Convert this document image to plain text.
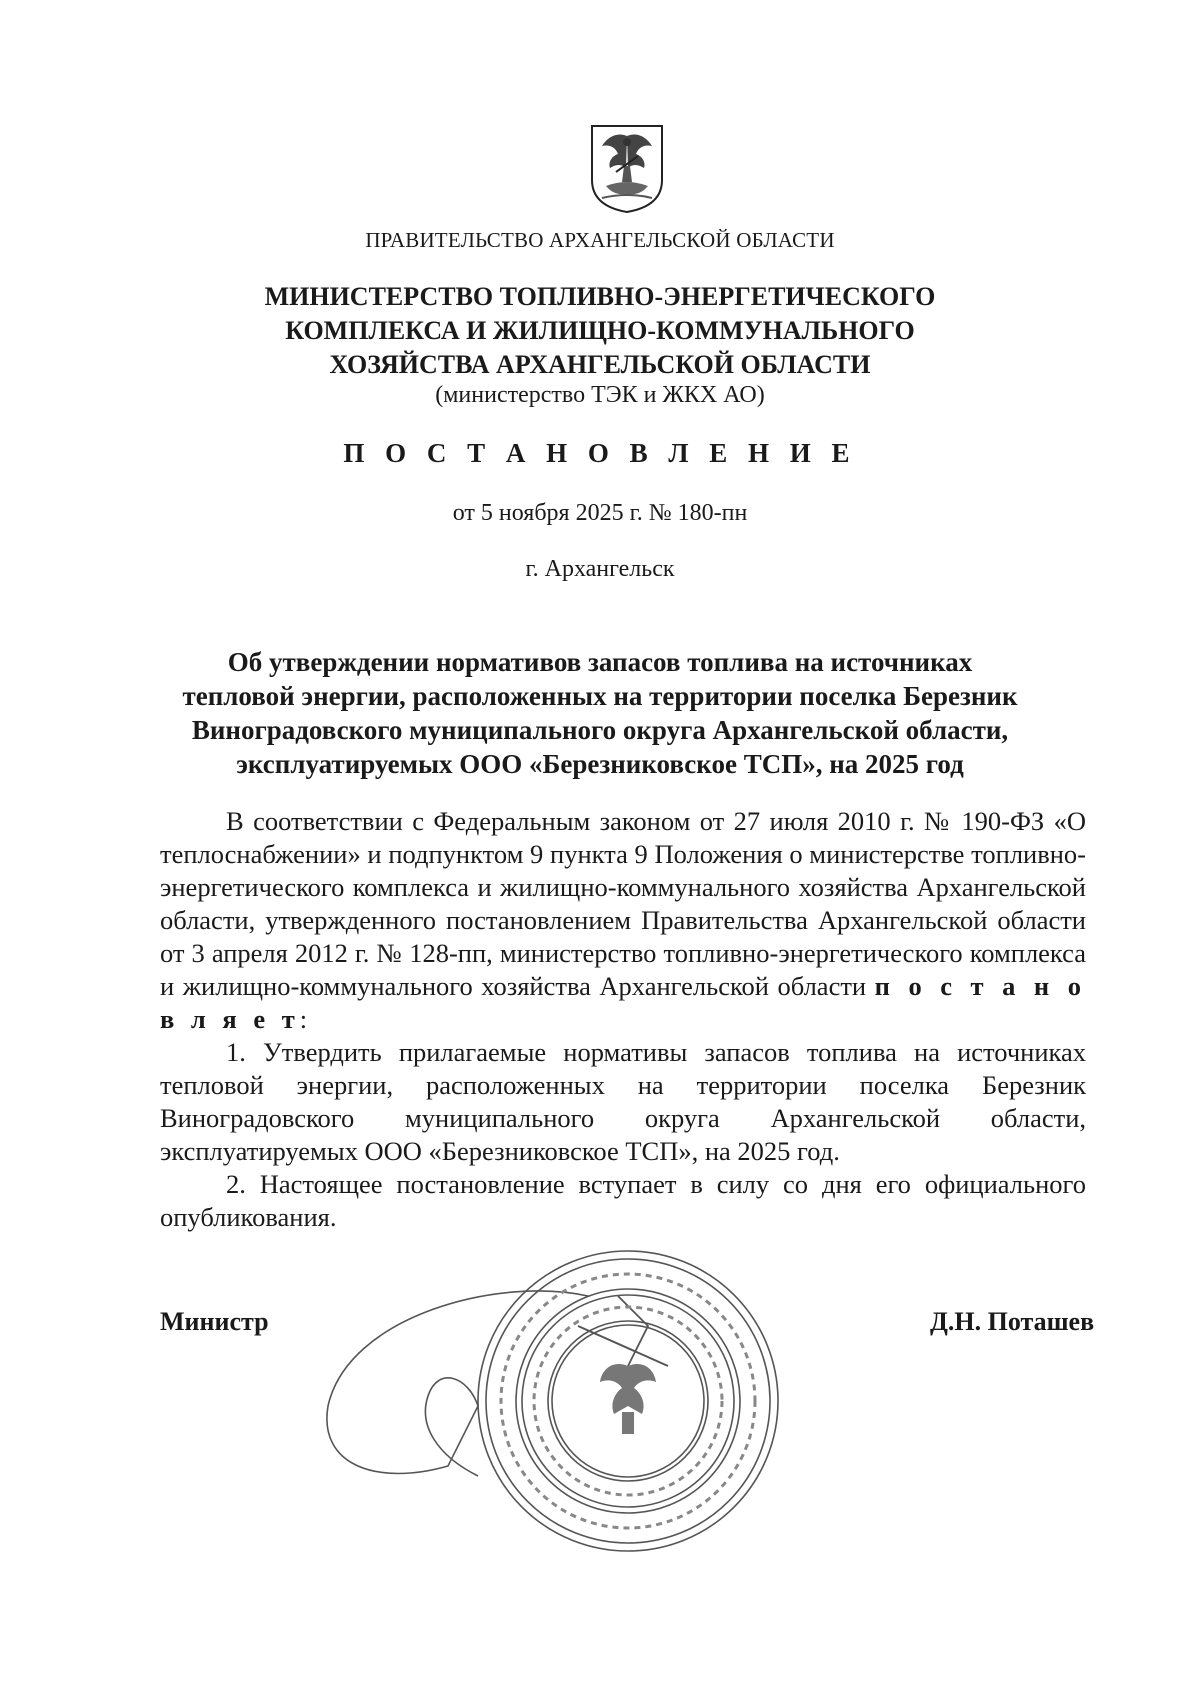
ПРАВИТЕЛЬСТВО АРХАНГЕЛЬСКОЙ ОБЛАСТИ
МИНИСТЕРСТВО ТОПЛИВНО-ЭНЕРГЕТИЧЕСКОГО
КОМПЛЕКСА И ЖИЛИЩНО-КОММУНАЛЬНОГО
ХОЗЯЙСТВА АРХАНГЕЛЬСКОЙ ОБЛАСТИ
(министерство ТЭК и ЖКХ АО)
П О С Т А Н О В Л Е Н И Е
от 5 ноября 2025 г. № 180-пн
г. Архангельск
Об утверждении нормативов запасов топлива на источниках
тепловой энергии, расположенных на территории поселка Березник
Виноградовского муниципального округа Архангельской области,
эксплуатируемых ООО «Березниковское ТСП», на 2025 год
В соответствии с Федеральным законом от 27 июля 2010 г. № 190-ФЗ «О теплоснабжении» и подпунктом 9 пункта 9 Положения о министерстве топливно-энергетического комплекса и жилищно-коммунального хозяйства Архангельской области, утвержденного постановлением Правительства Архангельской области от 3 апреля 2012 г. № 128-пп, министерство топливно-энергетического комплекса и жилищно-коммунального хозяйства Архангельской области п о с т а н о в л я е т:
1. Утвердить прилагаемые нормативы запасов топлива на источниках тепловой энергии, расположенных на территории поселка Березник Виноградовского муниципального округа Архангельской области, эксплуатируемых ООО «Березниковское ТСП», на 2025 год.
2. Настоящее постановление вступает в силу со дня его официального опубликования.
Министр	Д.Н. Поташев
